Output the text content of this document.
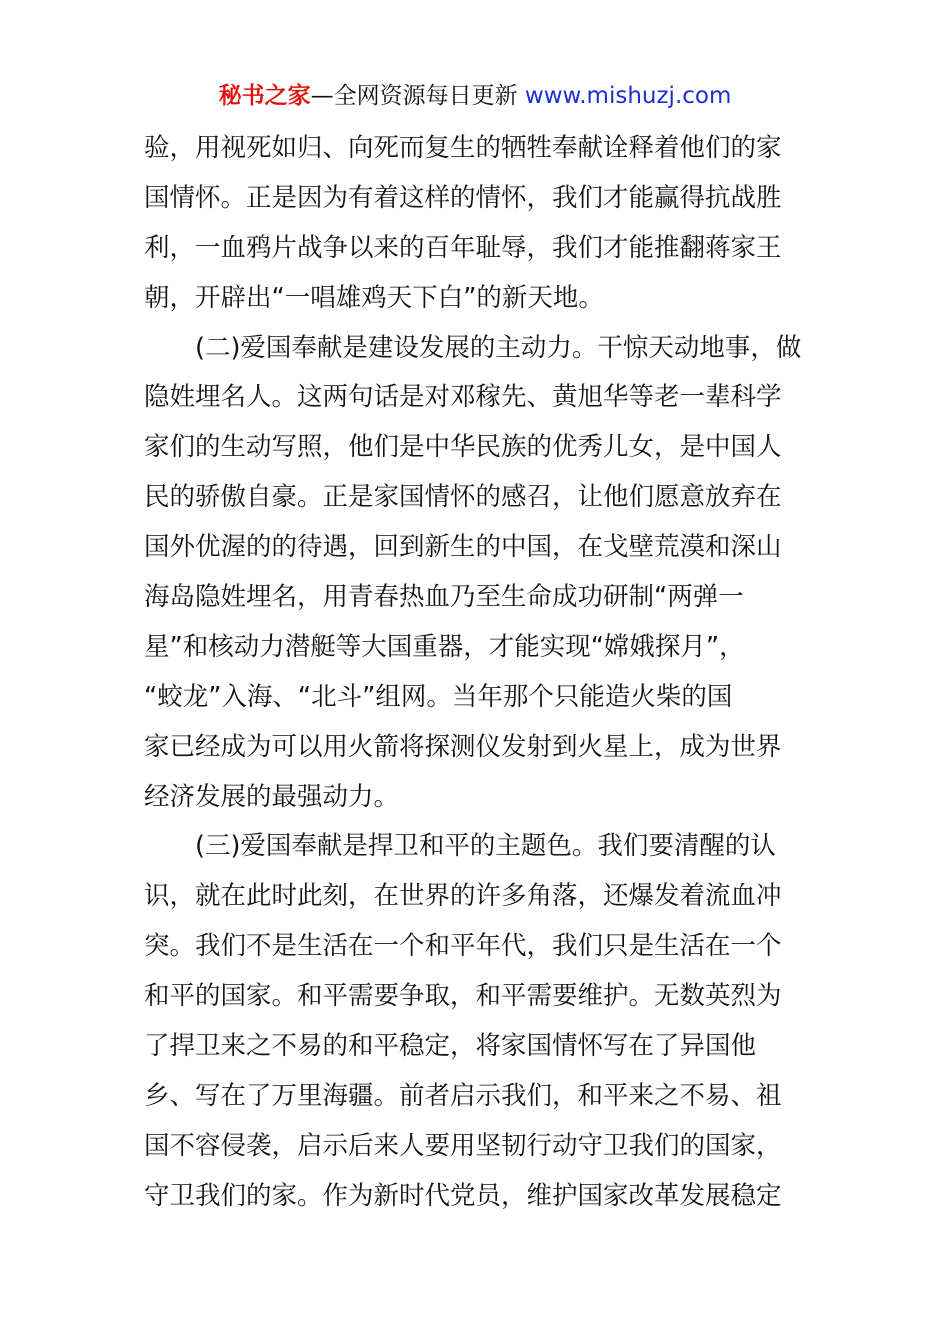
秘书之家—全网资源每日更新 www.mishuzj.com
验，用视死如归、向死而复生的牺牲奉献诠释着他们的家
国情怀。正是因为有着这样的情怀，我们才能赢得抗战胜
利，一血鸦片战争以来的百年耻辱，我们才能推翻蒋家王
朝，开辟出“一唱雄鸡天下白”的新天地。
(二)爱国奉献是建设发展的主动力。干惊天动地事，做
隐姓埋名人。这两句话是对邓稼先、黄旭华等老一辈科学
家们的生动写照，他们是中华民族的优秀儿女，是中国人
民的骄傲自豪。正是家国情怀的感召，让他们愿意放弃在
国外优渥的的待遇，回到新生的中国，在戈壁荒漠和深山
海岛隐姓埋名，用青春热血乃至生命成功研制“两弹一
星”和核动力潜艇等大国重器，才能实现“嫦娥探月”，
“蛟龙”入海、“北斗”组网。当年那个只能造火柴的国
家已经成为可以用火箭将探测仪发射到火星上，成为世界
经济发展的最强动力。
(三)爱国奉献是捍卫和平的主题色。我们要清醒的认
识，就在此时此刻，在世界的许多角落，还爆发着流血冲
突。我们不是生活在一个和平年代，我们只是生活在一个
和平的国家。和平需要争取，和平需要维护。无数英烈为
了捍卫来之不易的和平稳定，将家国情怀写在了异国他
乡、写在了万里海疆。前者启示我们，和平来之不易、祖
国不容侵袭，启示后来人要用坚韧行动守卫我们的国家，
守卫我们的家。作为新时代党员，维护国家改革发展稳定
